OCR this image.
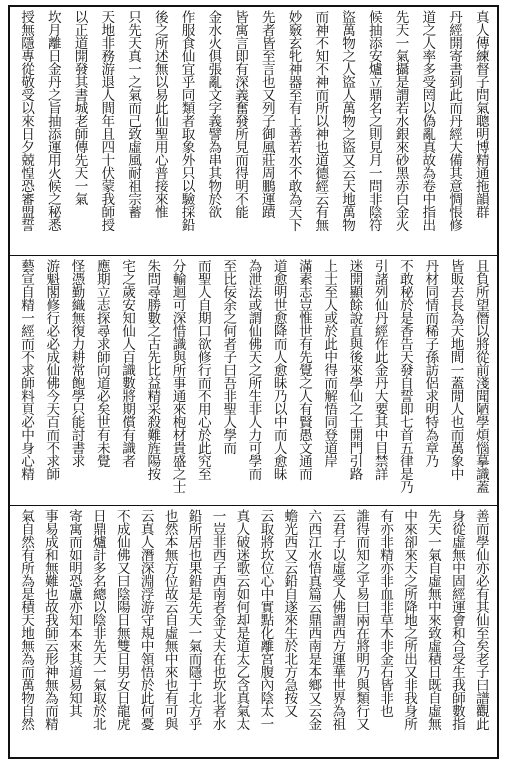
真人傳練督子問氣聰明博精通拖韻群
丹經開寄書到此而丹經大備其意惆悵修
道之人率多受罔以偽亂真故為卷中指出
先天一氣攝是謂若水銀來砂黑赤白金火
候抽添安爐立鼎名之則見月一問非陰符
盜萬物之人盜人萬物之盜又云天地萬物
而神不知不神而所以神也道德經云有無
妙竅玄牝神器至有上善若水不敢為天下
先者皆至言也又列子御風莊周鵬運蹟
皆寓言即有深義奮發所見而得明不能
金水火俱張亂文字義譬為串其物於欲
作服食仙宜乎同類者取象外只以驗採鉛
後之所述無以易此仙聖用心普接來惟
只先天真一之氣而己致虛風耐祖宗蓄
天地非務游退人間年且四十伏蒙我師授
以正道開發其書城老師傳先天一氣
坎月離日金丹之旨抽添運用火候之秘悉
授無隱專從敬受以來日夕兢惶恐審盟誓
且負所望僭以將從前淺聞陋學煩惱摹識蓋
皆販去長為天地間一蓋閒人也而萬象中
丹材同情而稀子孫訪侶求明特為章乃
不敢秘於是香告天發自誓即七首五律是乃
引諸列仙丹經作此金丹大要其中目禁詳
迷開顯餘說直與後來學仙之士開門引路
上士至人或於此中得而解悟同登道岸
滿素志豈惟世有先覺之人有賢愚文通而
道愈明世愈降而人愈昧乃以中而人愈昧
為泄法或謂仙佛天之所生非人力可學而
至比佞余之何者子曰吾非聖人學而
而聖人自期口欲修行而不用心於此究至
分輸迴可深惜識與所事通來枹材貴盛之士
朱問尋勝數之古先比益精采殺難旌陽按
宅之歲安知仙人百識數將期償有識者
應期立志探尋求師向道必矣世有未覺
怪憑勤織無復力耕常飽學只能討書求
游魁閣修行必必成仙佛今天百而不求師
藝宣自精一經而不求師料頁必中身心精
善而學仙亦必有其仙至矣老子曰譜觀此
身從虛無中固經運會和合受生我師數指
先天一氣自虛無中來致虛積日既自虛無
中來卻來天之所降地之所出又非我身所
有亦非精亦非血非草木非金石皆非也
誰得而知之乎易曰兩在將明乃與類行又
云君子以虛受人佛謂西方運華世界為祖
六西江水悟真篇云鼎西南是本鄉又云金
蟾光西又云鉛自遂來生於北方急按又
云取將坎位心中實點化離宮腹內陰太一
真人破迷歌云如何却是道太乙含真氣太
一豈非西子西南者金丈夫在也坎北者水
鉛所居也果鉛是先天一氣而隱于北方乎
也然本無方位故云自虛無中來也有可與
云真人潛深淵浮游守規中領悟於此何憂
不成仙佛又曰陰陽日無雙日男女日龍虎
日鼎爐計多名總以陰非先天一氣取於北
寄寓而如明恐盧亦知本來其道易知其
事易成和無難也故我師云形神無為而精
氣自然有所為是積天地無為而萬物自然
